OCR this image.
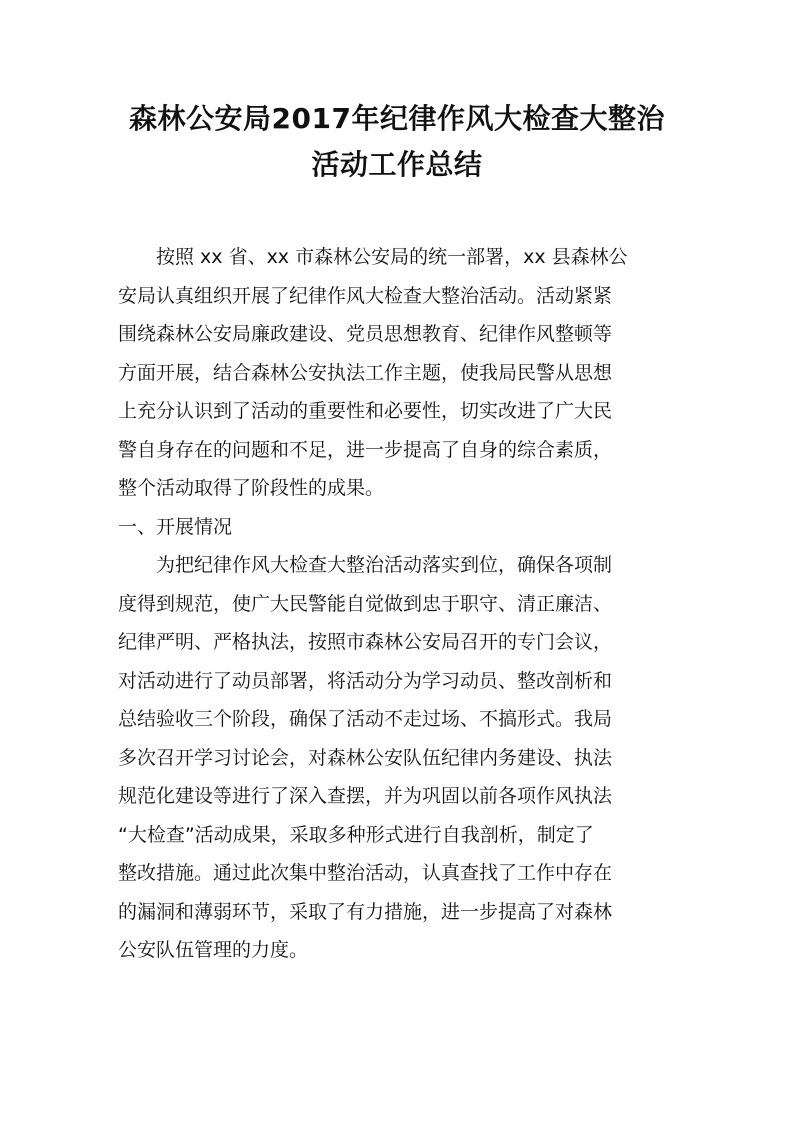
森林公安局2017年纪律作风大检查大整治
活动工作总结
　　按照 xx 省、xx 市森林公安局的统一部署，xx 县森林公
安局认真组织开展了纪律作风大检查大整治活动。活动紧紧
围绕森林公安局廉政建设、党员思想教育、纪律作风整顿等
方面开展，结合森林公安执法工作主题，使我局民警从思想
上充分认识到了活动的重要性和必要性，切实改进了广大民
警自身存在的问题和不足，进一步提高了自身的综合素质，
整个活动取得了阶段性的成果。
一、开展情况
　　为把纪律作风大检查大整治活动落实到位，确保各项制
度得到规范，使广大民警能自觉做到忠于职守、清正廉洁、
纪律严明、严格执法，按照市森林公安局召开的专门会议，
对活动进行了动员部署，将活动分为学习动员、整改剖析和
总结验收三个阶段，确保了活动不走过场、不搞形式。我局
多次召开学习讨论会，对森林公安队伍纪律内务建设、执法
规范化建设等进行了深入查摆，并为巩固以前各项作风执法
“大检查”活动成果，采取多种形式进行自我剖析，制定了
整改措施。通过此次集中整治活动，认真查找了工作中存在
的漏洞和薄弱环节，采取了有力措施，进一步提高了对森林
公安队伍管理的力度。
